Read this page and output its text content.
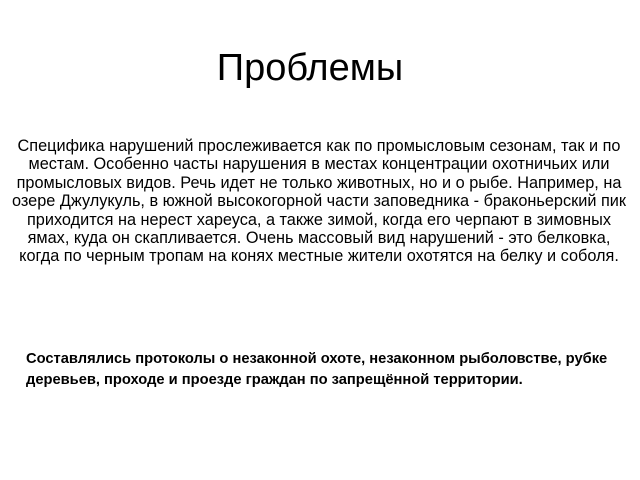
Проблемы

Специфика нарушений прослеживается как по промысловым сезонам, так и по местам. Особенно часты нарушения в местах концентрации охотничьих или промысловых видов. Речь идет не только животных, но и о рыбе. Например, на озере Джулукуль, в южной высокогорной части заповедника - браконьерский пик приходится на нерест хареуса, а также зимой, когда его черпают в зимовных ямах, куда он скапливается. Очень массовый вид нарушений - это белковка, когда по черным тропам на конях местные жители охотятся на белку и соболя.

Составлялись протоколы о незаконной охоте, незаконном рыболовстве, рубке деревьев, проходе и проезде граждан по запрещённой территории.
